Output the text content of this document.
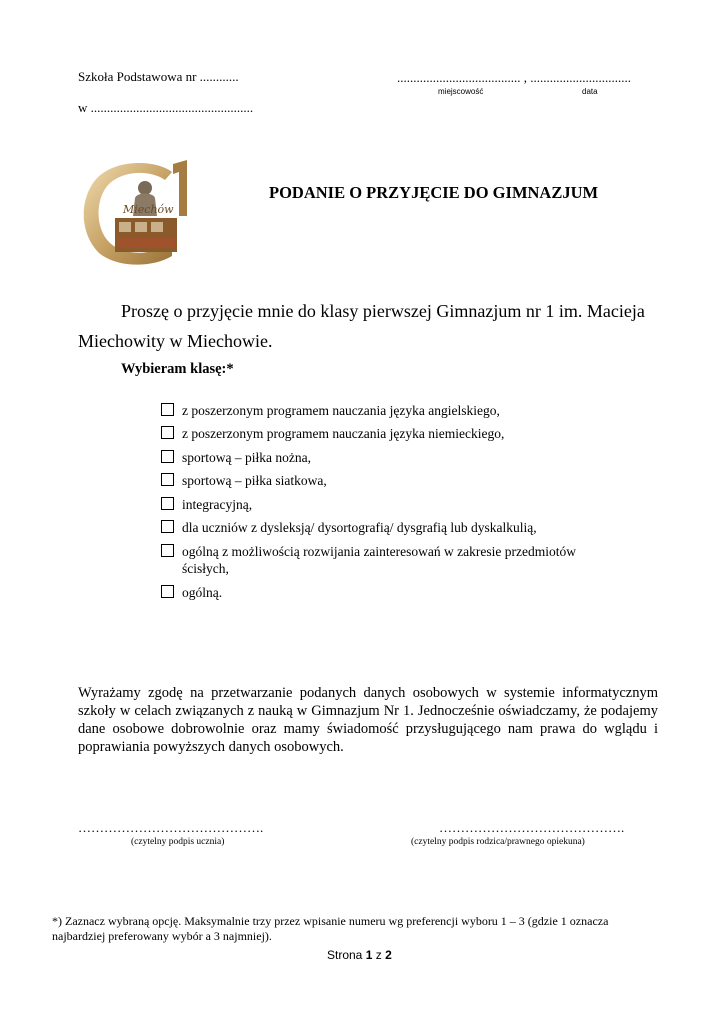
Szkoła Podstawowa nr ............
w ..................................................
...................................... , ...............................
miejscowość	data
Miechów
PODANIE O PRZYJĘCIE DO GIMNAZJUM
Proszę o przyjęcie mnie do klasy pierwszej Gimnazjum nr 1 im. Macieja
Miechowity w Miechowie.
Wybieram klasę:*
z poszerzonym programem nauczania języka angielskiego,
z poszerzonym programem nauczania języka niemieckiego,
sportową – piłka nożna,
sportową – piłka siatkowa,
integracyjną,
dla uczniów z dysleksją/ dysortografią/ dysgrafią lub dyskalkulią,
ogólną z możliwością rozwijania zainteresowań w zakresie przedmiotów ścisłych,
ogólną.
Wyrażamy zgodę na przetwarzanie podanych danych osobowych w systemie informatycznym szkoły w celach związanych z nauką w Gimnazjum Nr 1. Jednocześnie oświadczamy, że podajemy dane osobowe dobrowolnie oraz mamy świadomość przysługującego nam prawa do wglądu i poprawiania powyższych danych osobowych.
…………………………………….
(czytelny podpis ucznia)
…………………………………….
(czytelny podpis rodzica/prawnego opiekuna)
*) Zaznacz wybraną opcję. Maksymalnie trzy przez wpisanie numeru wg preferencji wyboru 1 – 3 (gdzie 1 oznacza najbardziej preferowany wybór a 3 najmniej).
Strona 1 z 2
